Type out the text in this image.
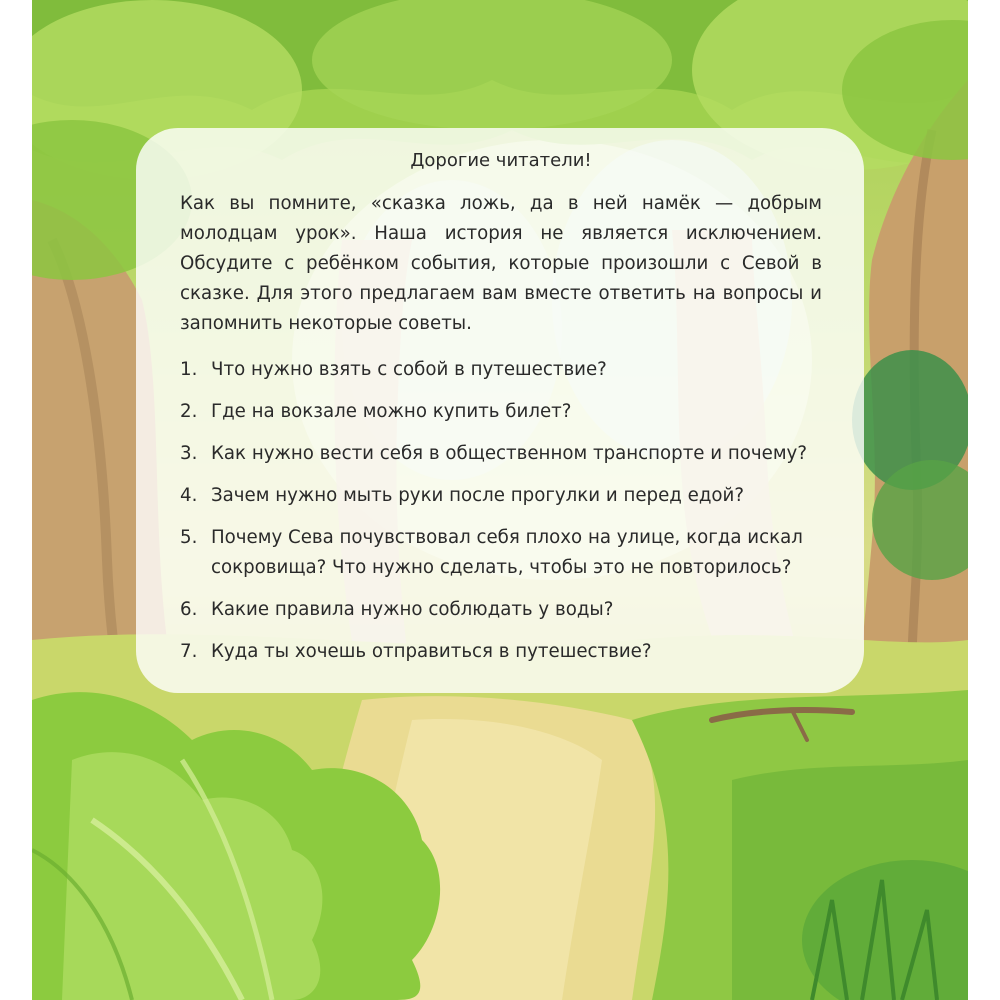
Дорогие читатели!

Как вы помните, «сказка ложь, да в ней намёк — добрым молодцам урок». Наша история не является исключением. Обсудите с ребёнком события, которые произошли с Севой в сказке. Для этого предлагаем вам вместе ответить на вопросы и запомнить некоторые советы.

1. Что нужно взять с собой в путешествие?
2. Где на вокзале можно купить билет?
3. Как нужно вести себя в общественном транспорте и почему?
4. Зачем нужно мыть руки после прогулки и перед едой?
5. Почему Сева почувствовал себя плохо на улице, когда искал сокровища? Что нужно сделать, чтобы это не повторилось?
6. Какие правила нужно соблюдать у воды?
7. Куда ты хочешь отправиться в путешествие?
